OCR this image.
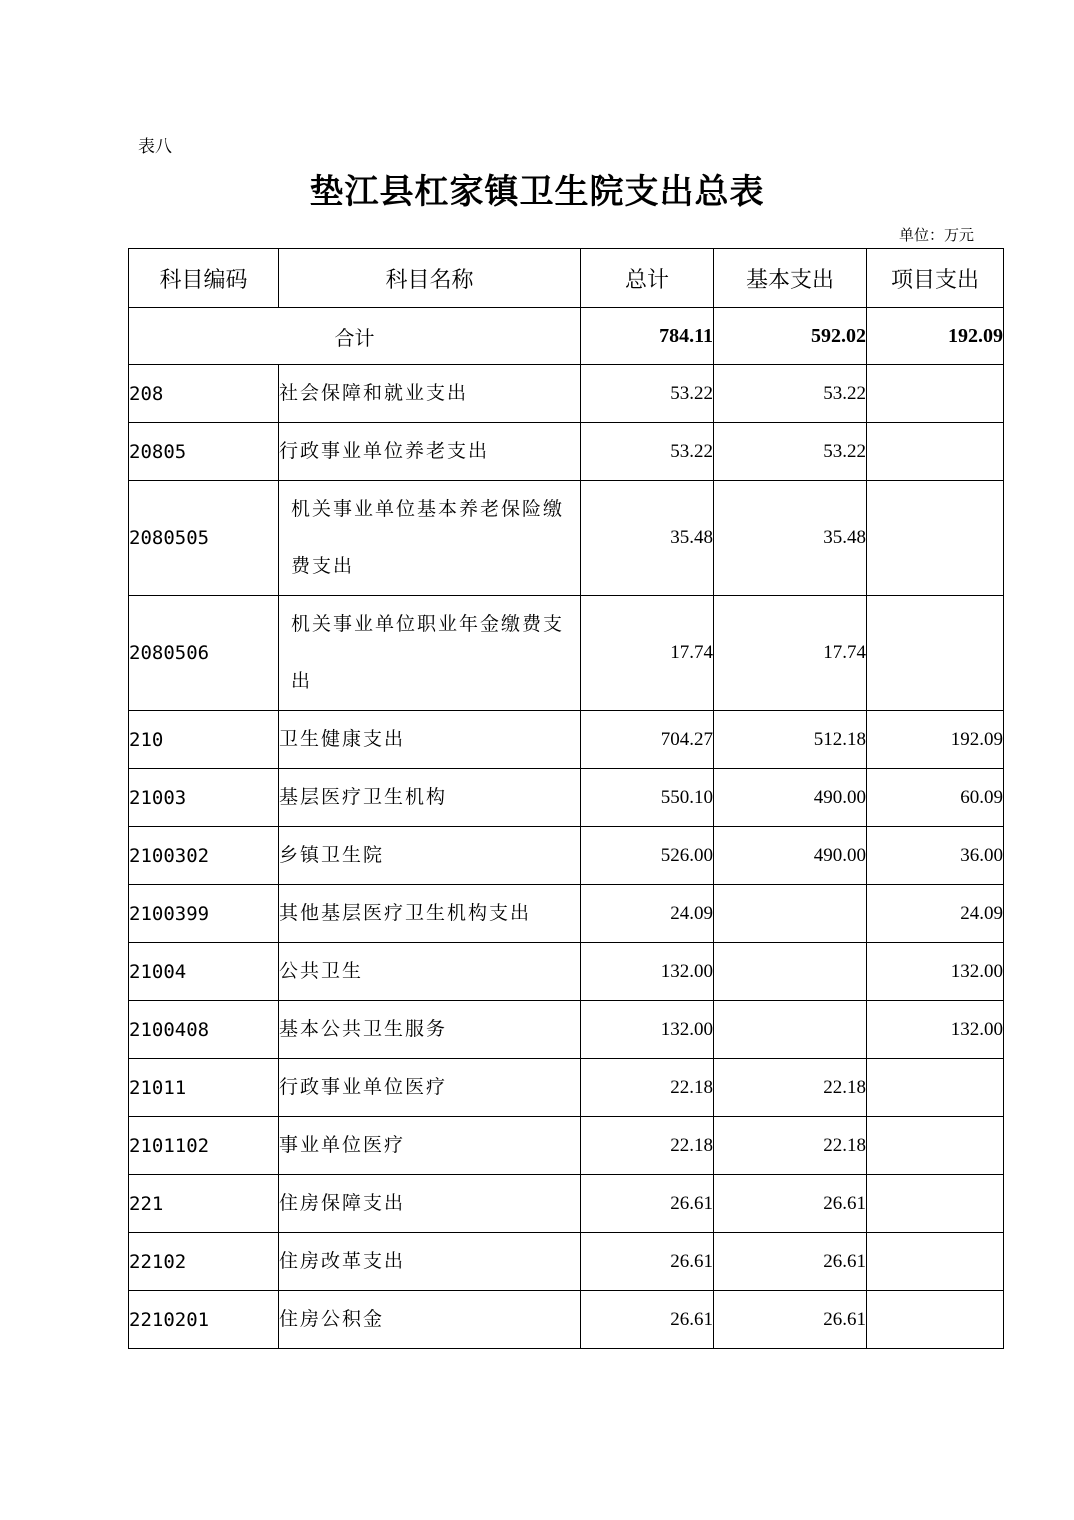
表八
垫江县杠家镇卫生院支出总表
单位：万元
科目编码	科目名称	总计	基本支出	项目支出
合计		784.11	592.02	192.09
208	社会保障和就业支出	53.22	53.22	
20805	行政事业单位养老支出	53.22	53.22	
2080505	机关事业单位基本养老保险缴费支出	35.48	35.48	
2080506	机关事业单位职业年金缴费支出	17.74	17.74	
210	卫生健康支出	704.27	512.18	192.09
21003	基层医疗卫生机构	550.10	490.00	60.09
2100302	乡镇卫生院	526.00	490.00	36.00
2100399	其他基层医疗卫生机构支出	24.09		24.09
21004	公共卫生	132.00		132.00
2100408	基本公共卫生服务	132.00		132.00
21011	行政事业单位医疗	22.18	22.18	
2101102	事业单位医疗	22.18	22.18	
221	住房保障支出	26.61	26.61	
22102	住房改革支出	26.61	26.61	
2210201	住房公积金	26.61	26.61	
